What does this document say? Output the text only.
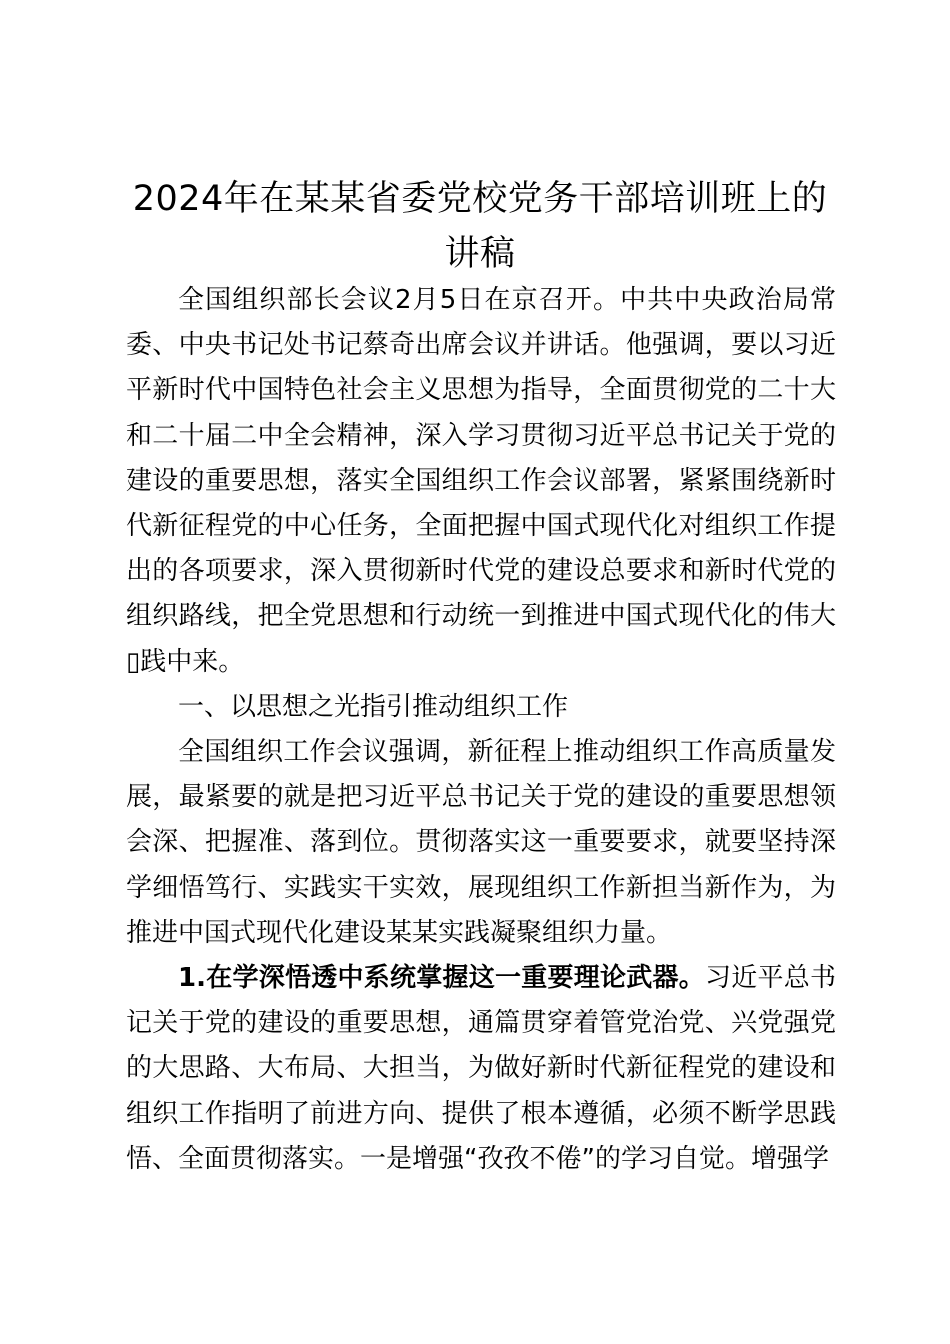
2024年在某某省委党校党务干部培训班上的讲稿

全国组织部长会议2月5日在京召开。中共中央政治局常委、中央书记处书记蔡奇出席会议并讲话。他强调，要以习近平新时代中国特色社会主义思想为指导，全面贯彻党的二十大和二十届二中全会精神，深入学习贯彻习近平总书记关于党的建设的重要思想，落实全国组织工作会议部署，紧紧围绕新时代新征程党的中心任务，全面把握中国式现代化对组织工作提出的各项要求，深入贯彻新时代党的建设总要求和新时代党的组织路线，把全党思想和行动统一到推进中国式现代化的伟大▯践中来。

一、以思想之光指引推动组织工作

全国组织工作会议强调，新征程上推动组织工作高质量发展，最紧要的就是把习近平总书记关于党的建设的重要思想领会深、把握准、落到位。贯彻落实这一重要要求，就要坚持深学细悟笃行、实践实干实效，展现组织工作新担当新作为，为推进中国式现代化建设某某实践凝聚组织力量。

1.在学深悟透中系统掌握这一重要理论武器。习近平总书记关于党的建设的重要思想，通篇贯穿着管党治党、兴党强党的大思路、大布局、大担当，为做好新时代新征程党的建设和组织工作指明了前进方向、提供了根本遵循，必须不断学思践悟、全面贯彻落实。一是增强“孜孜不倦”的学习自觉。增强学
